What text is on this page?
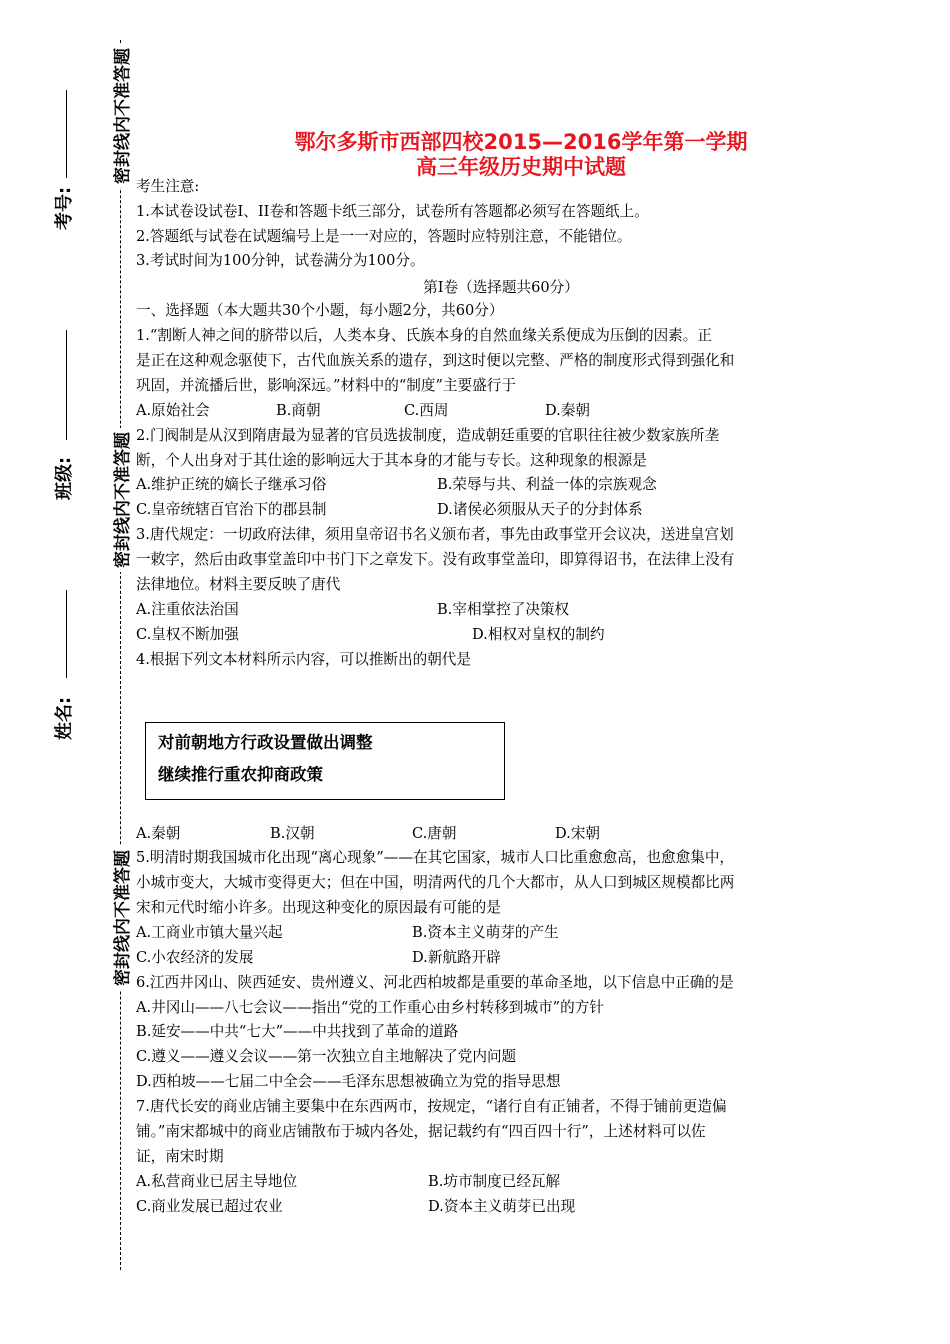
密封线内不准答题
密封线内不准答题
密封线内不准答题
考号:
班级:
姓名:
鄂尔多斯市西部四校2015—2016学年第一学期
高三年级历史期中试题
考生注意:
1.本试卷设试卷I、II卷和答题卡纸三部分，试卷所有答题都必须写在答题纸上。
2.答题纸与试卷在试题编号上是一一对应的，答题时应特别注意，不能错位。
3.考试时间为100分钟，试卷满分为100分。
第I卷（选择题共60分）
一、选择题（本大题共30个小题，每小题2分，共60分）
1.“割断人神之间的脐带以后，人类本身、氏族本身的自然血缘关系便成为压倒的因素。正
是正在这种观念驱使下，古代血族关系的遗存，到这时便以完整、严格的制度形式得到强化和
巩固，并流播后世，影响深远。”材料中的“制度”主要盛行于
A.原始社会	B.商朝	C.西周	D.秦朝
2.门阀制是从汉到隋唐最为显著的官员选拔制度，造成朝廷重要的官职往往被少数家族所垄
断，个人出身对于其仕途的影响远大于其本身的才能与专长。这种现象的根源是
A.维护正统的嫡长子继承习俗	B.荣辱与共、利益一体的宗族观念
C.皇帝统辖百官治下的郡县制	D.诸侯必须服从天子的分封体系
3.唐代规定：一切政府法律，须用皇帝诏书名义颁布者，事先由政事堂开会议决，送进皇宫划
一敕字，然后由政事堂盖印中书门下之章发下。没有政事堂盖印，即算得诏书，在法律上没有
法律地位。材料主要反映了唐代
A.注重依法治国	B.宰相掌控了决策权
C.皇权不断加强	D.相权对皇权的制约
4.根据下列文本材料所示内容，可以推断出的朝代是
对前朝地方行政设置做出调整
继续推行重农抑商政策
A.秦朝	B.汉朝	C.唐朝	D.宋朝
5.明清时期我国城市化出现“离心现象”——在其它国家，城市人口比重愈愈高，也愈愈集中，
小城市变大，大城市变得更大；但在中国，明清两代的几个大都市，从人口到城区规模都比两
宋和元代时缩小许多。出现这种变化的原因最有可能的是
A.工商业市镇大量兴起	B.资本主义萌芽的产生
C.小农经济的发展	D.新航路开辟
6.江西井冈山、陕西延安、贵州遵义、河北西柏坡都是重要的革命圣地，以下信息中正确的是
A.井冈山——八七会议——指出“党的工作重心由乡村转移到城市”的方针
B.延安——中共“七大”——中共找到了革命的道路
C.遵义——遵义会议——第一次独立自主地解决了党内问题
D.西柏坡——七届二中全会——毛泽东思想被确立为党的指导思想
7.唐代长安的商业店铺主要集中在东西两市，按规定，“诸行自有正铺者，不得于铺前更造偏
铺。”南宋都城中的商业店铺散布于城内各处，据记载约有“四百四十行”，上述材料可以佐
证，南宋时期
A.私营商业已居主导地位	B.坊市制度已经瓦解
C.商业发展已超过农业	D.资本主义萌芽已出现
